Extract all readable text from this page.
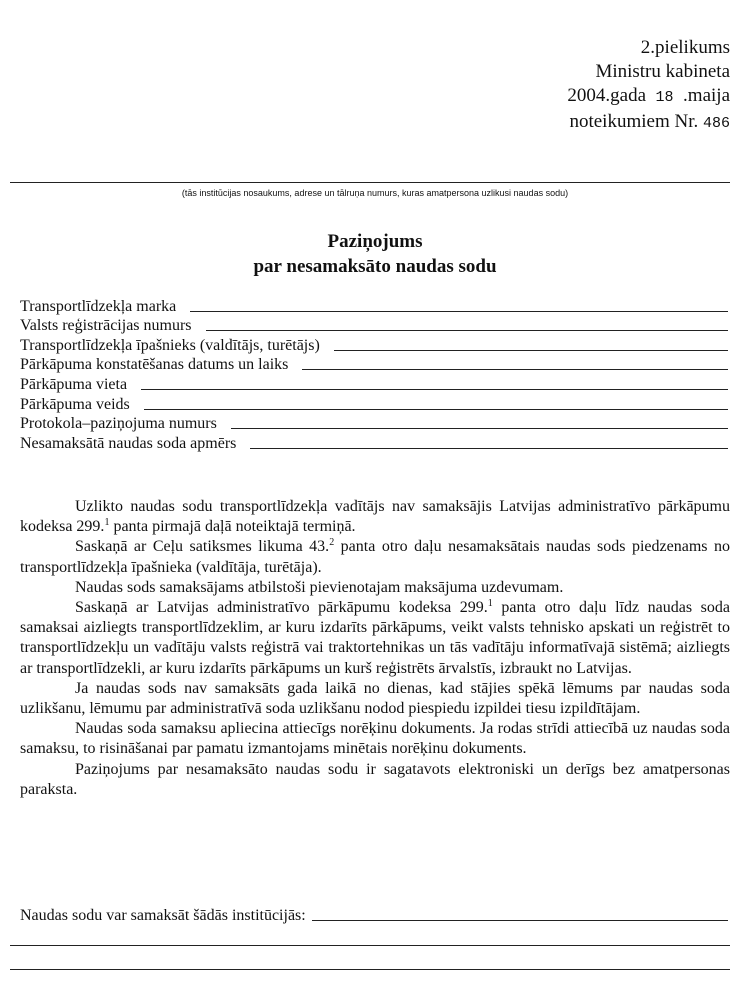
2.pielikums
Ministru kabineta
2004.gada 18 .maija
noteikumiem Nr. 486
(tās institūcijas nosaukums, adrese un tālruņa numurs, kuras amatpersona uzlikusi naudas sodu)
Paziņojums
par nesamaksāto naudas sodu
Transportlīdzekļa marka
Valsts reģistrācijas numurs
Transportlīdzekļa īpašnieks (valdītājs, turētājs)
Pārkāpuma konstatēšanas datums un laiks
Pārkāpuma vieta
Pārkāpuma veids
Protokola–paziņojuma numurs
Nesamaksātā naudas soda apmērs

Uzlikto naudas sodu transportlīdzekļa vadītājs nav samaksājis Latvijas administratīvo pārkāpumu kodeksa 299.$^1$ panta pirmajā daļā noteiktajā termiņā.

Saskaņā ar Ceļu satiksmes likuma 43.$^2$ panta otro daļu nesamaksātais naudas sods piedzenams no transportlīdzekļa īpašnieka (valdītāja, turētāja).

Naudas sods samaksājams atbilstoši pievienotajam maksājuma uzdevumam.

Saskaņā ar Latvijas administratīvo pārkāpumu kodeksa 299.$^1$ panta otro daļu līdz naudas soda samaksai aizliegts transportlīdzeklim, ar kuru izdarīts pārkāpums, veikt valsts tehnisko apskati un reģistrēt to transportlīdzekļu un vadītāju valsts reģistrā vai traktortehnikas un tās vadītāju informatīvajā sistēmā; aizliegts ar transportlīdzekli, ar kuru izdarīts pārkāpums un kurš reģistrēts ārvalstīs, izbraukt no Latvijas.

Ja naudas sods nav samaksāts gada laikā no dienas, kad stājies spēkā lēmums par naudas soda uzlikšanu, lēmumu par administratīvā soda uzlikšanu nodod piespiedu izpildei tiesu izpildītājam.

Naudas soda samaksu apliecina attiecīgs norēķinu dokuments. Ja rodas strīdi attiecībā uz naudas soda samaksu, to risināšanai par pamatu izmantojams minētais norēķinu dokuments.

Paziņojums par nesamaksāto naudas sodu ir sagatavots elektroniski un derīgs bez amatpersonas paraksta.

Naudas sodu var samaksāt šādās institūcijās:
